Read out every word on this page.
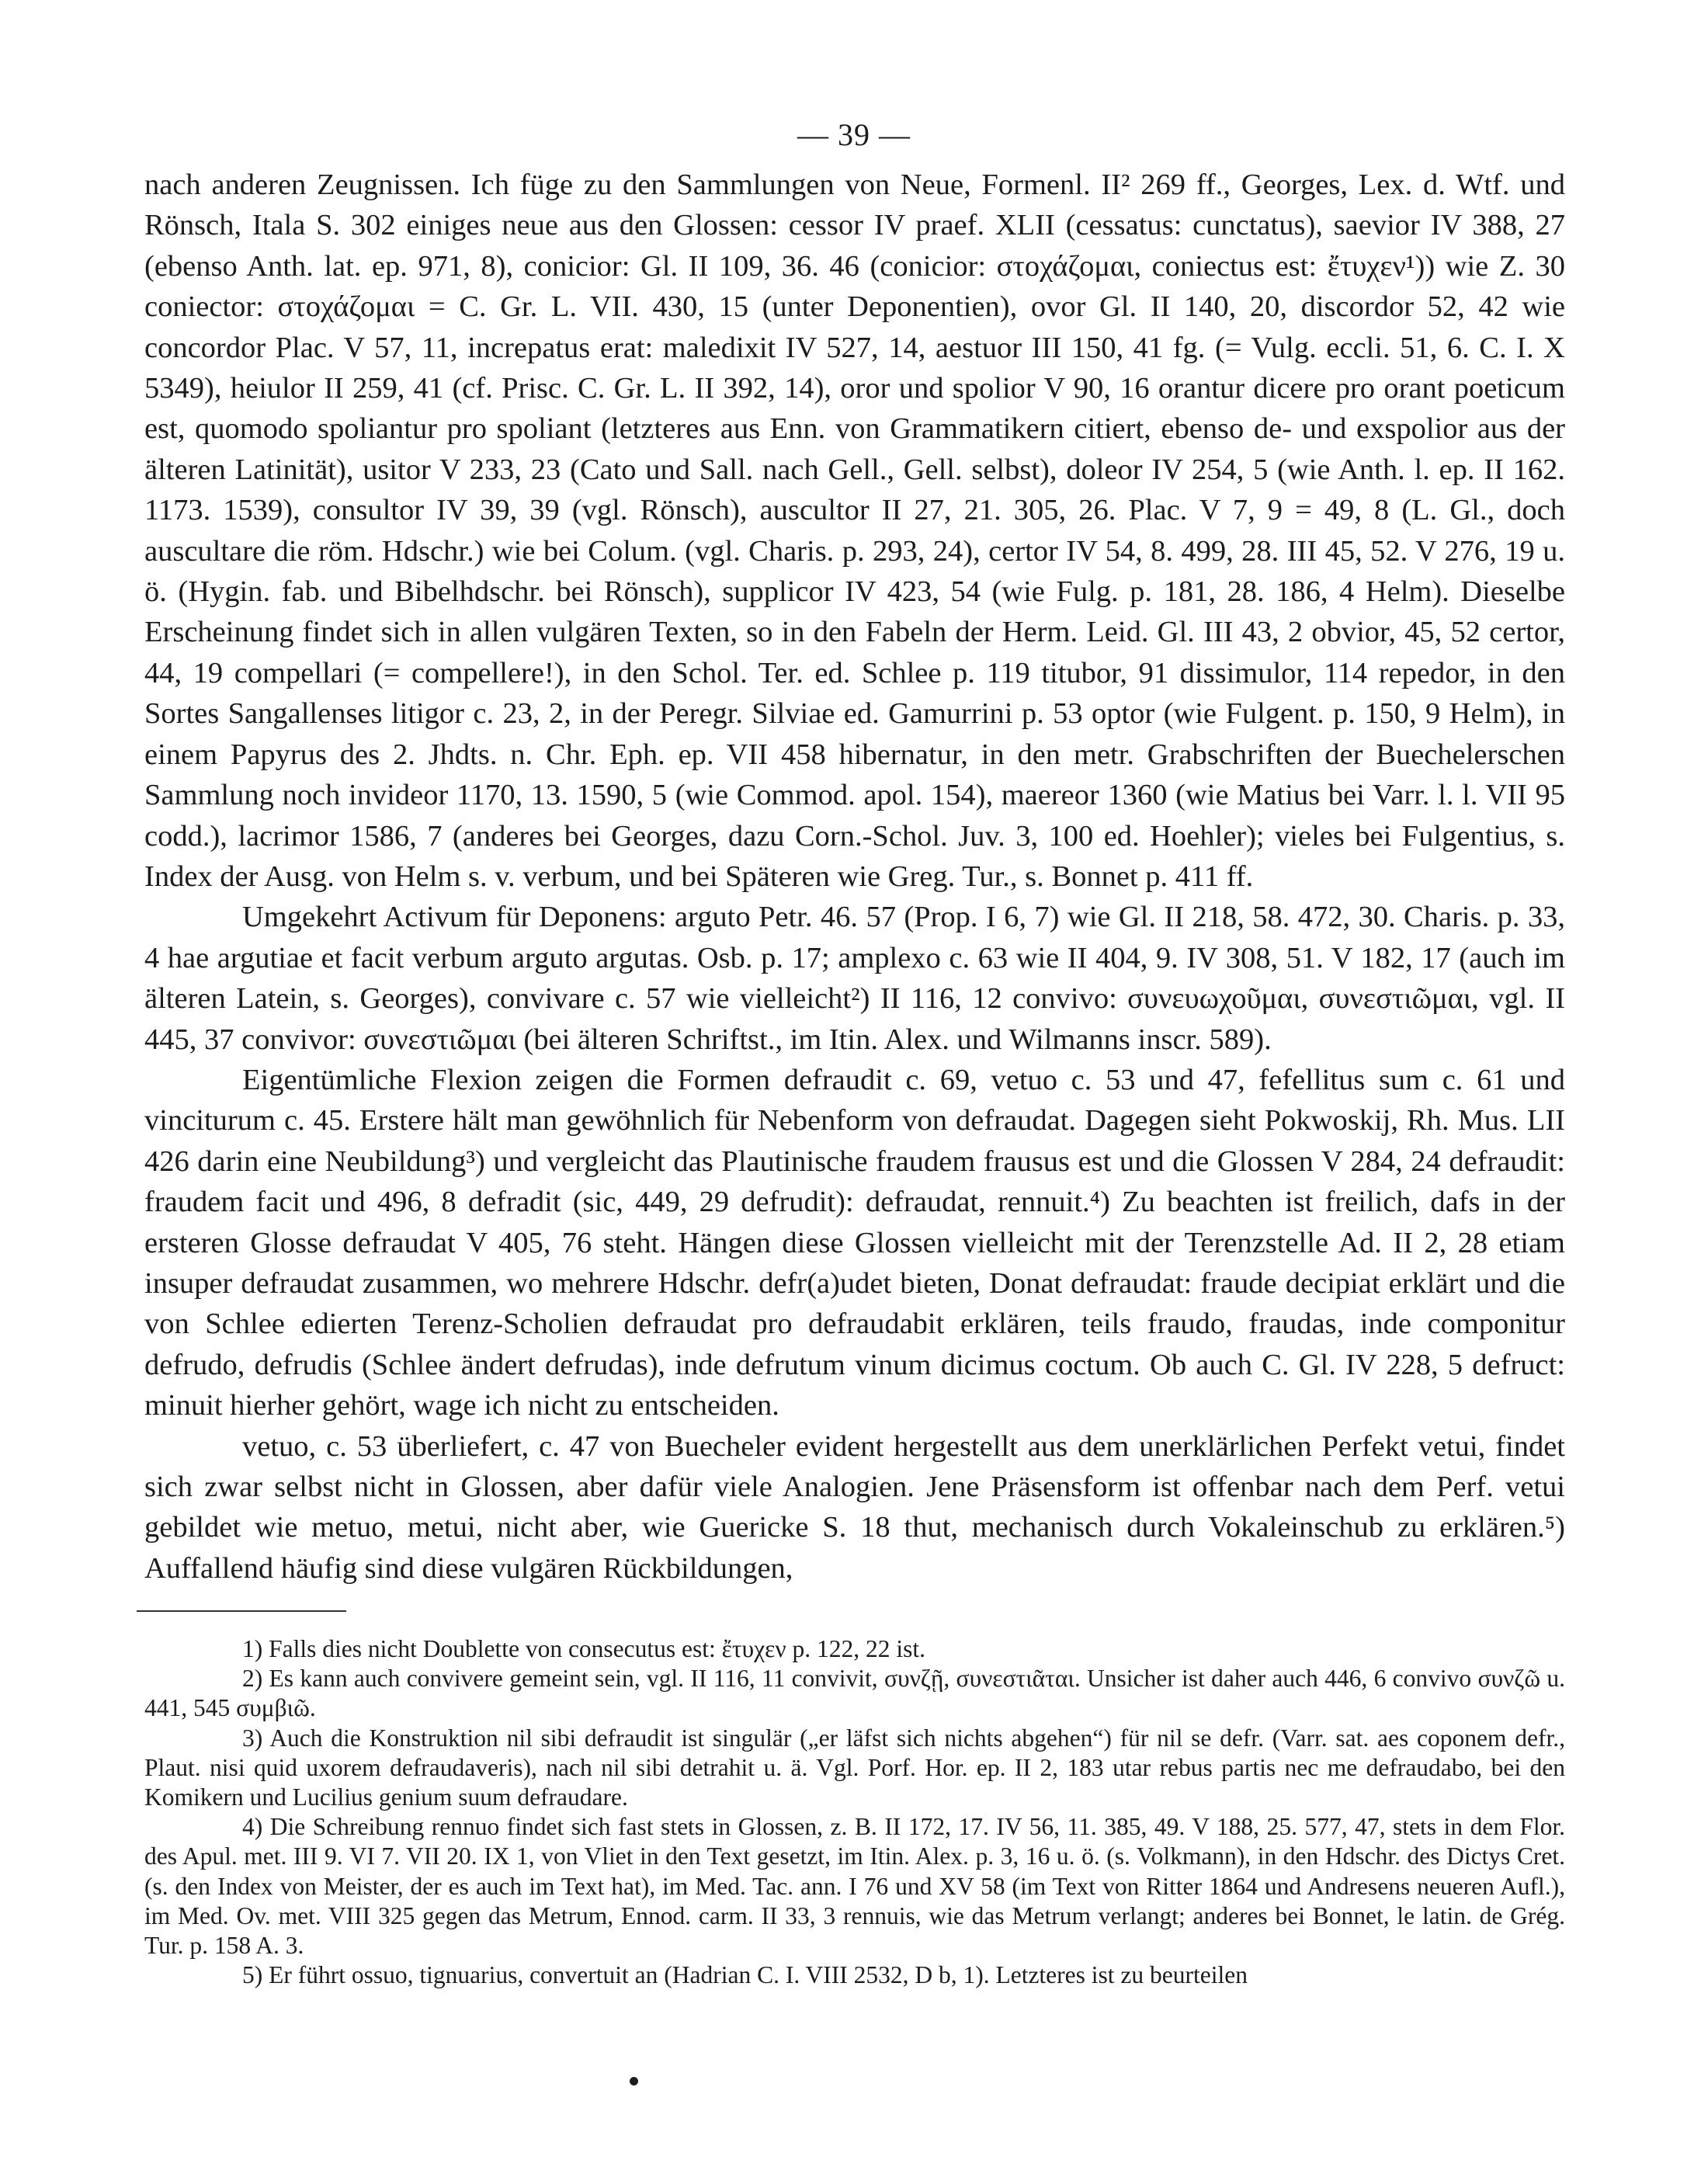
— 39 —

nach anderen Zeugnissen. Ich füge zu den Sammlungen von Neue, Formenl. II² 269 ff., Georges, Lex. d. Wtf. und Rönsch, Itala S. 302 einiges neue aus den Glossen: cessor IV praef. XLII (cessatus: cunctatus), saevior IV 388, 27 (ebenso Anth. lat. ep. 971, 8), conicior: Gl. II 109, 36. 46 (conicior: στοχάζομαι, coniectus est: ἔτυχεν¹)) wie Z. 30 coniector: στοχάζομαι = C. Gr. L. VII. 430, 15 (unter Deponentien), ovor Gl. II 140, 20, discordor 52, 42 wie concordor Plac. V 57, 11, increpatus erat: maledixit IV 527, 14, aestuor III 150, 41 fg. (= Vulg. eccli. 51, 6. C. I. X 5349), heiulor II 259, 41 (cf. Prisc. C. Gr. L. II 392, 14), oror und spolior V 90, 16 orantur dicere pro orant poeticum est, quomodo spoliantur pro spoliant (letzteres aus Enn. von Grammatikern citiert, ebenso de- und exspolior aus der älteren Latinität), usitor V 233, 23 (Cato und Sall. nach Gell., Gell. selbst), doleor IV 254, 5 (wie Anth. l. ep. II 162. 1173. 1539), consultor IV 39, 39 (vgl. Rönsch), auscultor II 27, 21. 305, 26. Plac. V 7, 9 = 49, 8 (L. Gl., doch auscultare die röm. Hdschr.) wie bei Colum. (vgl. Charis. p. 293, 24), certor IV 54, 8. 499, 28. III 45, 52. V 276, 19 u. ö. (Hygin. fab. und Bibelhdschr. bei Rönsch), supplicor IV 423, 54 (wie Fulg. p. 181, 28. 186, 4 Helm). Dieselbe Erscheinung findet sich in allen vulgären Texten, so in den Fabeln der Herm. Leid. Gl. III 43, 2 obvior, 45, 52 certor, 44, 19 compellari (= compellere!), in den Schol. Ter. ed. Schlee p. 119 titubor, 91 dissimulor, 114 repedor, in den Sortes Sangallenses litigor c. 23, 2, in der Peregr. Silviae ed. Gamurrini p. 53 optor (wie Fulgent. p. 150, 9 Helm), in einem Papyrus des 2. Jhdts. n. Chr. Eph. ep. VII 458 hibernatur, in den metr. Grabschriften der Buechelerschen Sammlung noch invideor 1170, 13. 1590, 5 (wie Commod. apol. 154), maereor 1360 (wie Matius bei Varr. l. l. VII 95 codd.), lacrimor 1586, 7 (anderes bei Georges, dazu Corn.-Schol. Juv. 3, 100 ed. Hoehler); vieles bei Fulgentius, s. Index der Ausg. von Helm s. v. verbum, und bei Späteren wie Greg. Tur., s. Bonnet p. 411 ff.

Umgekehrt Activum für Deponens: arguto Petr. 46. 57 (Prop. I 6, 7) wie Gl. II 218, 58. 472, 30. Charis. p. 33, 4 hae argutiae et facit verbum arguto argutas. Osb. p. 17; amplexo c. 63 wie II 404, 9. IV 308, 51. V 182, 17 (auch im älteren Latein, s. Georges), convivare c. 57 wie vielleicht²) II 116, 12 convivo: συνευωχοῦμαι, συνεστιῶμαι, vgl. II 445, 37 convivor: συνεστιῶμαι (bei älteren Schriftst., im Itin. Alex. und Wilmanns inscr. 589).

Eigentümliche Flexion zeigen die Formen defraudit c. 69, vetuo c. 53 und 47, fefellitus sum c. 61 und vinciturum c. 45. Erstere hält man gewöhnlich für Nebenform von defraudat. Dagegen sieht Pokwoskij, Rh. Mus. LII 426 darin eine Neubildung³) und vergleicht das Plautinische fraudem frausus est und die Glossen V 284, 24 defraudit: fraudem facit und 496, 8 defradit (sic, 449, 29 defrudit): defraudat, rennuit.⁴) Zu beachten ist freilich, dafs in der ersteren Glosse defraudat V 405, 76 steht. Hängen diese Glossen vielleicht mit der Terenzstelle Ad. II 2, 28 etiam insuper defraudat zusammen, wo mehrere Hdschr. defr(a)udet bieten, Donat defraudat: fraude decipiat erklärt und die von Schlee edierten Terenz-Scholien defraudat pro defraudabit erklären, teils fraudo, fraudas, inde componitur defrudo, defrudis (Schlee ändert defrudas), inde defrutum vinum dicimus coctum. Ob auch C. Gl. IV 228, 5 defruct: minuit hierher gehört, wage ich nicht zu entscheiden.

vetuo, c. 53 überliefert, c. 47 von Buecheler evident hergestellt aus dem unerklärlichen Perfekt vetui, findet sich zwar selbst nicht in Glossen, aber dafür viele Analogien. Jene Präsensform ist offenbar nach dem Perf. vetui gebildet wie metuo, metui, nicht aber, wie Guericke S. 18 thut, mechanisch durch Vokaleinschub zu erklären.⁵) Auffallend häufig sind diese vulgären Rückbildungen,

1) Falls dies nicht Doublette von consecutus est: ἔτυχεν p. 122, 22 ist.

2) Es kann auch convivere gemeint sein, vgl. II 116, 11 convivit, συνζῇ, συνεστιᾶται. Unsicher ist daher auch 446, 6 convivo συνζῶ u. 441, 545 συμβιῶ.

3) Auch die Konstruktion nil sibi defraudit ist singulär („er läfst sich nichts abgehen“) für nil se defr. (Varr. sat. aes coponem defr., Plaut. nisi quid uxorem defraudaveris), nach nil sibi detrahit u. ä. Vgl. Porf. Hor. ep. II 2, 183 utar rebus partis nec me defraudabo, bei den Komikern und Lucilius genium suum defraudare.

4) Die Schreibung rennuo findet sich fast stets in Glossen, z. B. II 172, 17. IV 56, 11. 385, 49. V 188, 25. 577, 47, stets in dem Flor. des Apul. met. III 9. VI 7. VII 20. IX 1, von Vliet in den Text gesetzt, im Itin. Alex. p. 3, 16 u. ö. (s. Volkmann), in den Hdschr. des Dictys Cret. (s. den Index von Meister, der es auch im Text hat), im Med. Tac. ann. I 76 und XV 58 (im Text von Ritter 1864 und Andresens neueren Aufl.), im Med. Ov. met. VIII 325 gegen das Metrum, Ennod. carm. II 33, 3 rennuis, wie das Metrum verlangt; anderes bei Bonnet, le latin. de Grég. Tur. p. 158 A. 3.

5) Er führt ossuo, tignuarius, convertuit an (Hadrian C. I. VIII 2532, D b, 1). Letzteres ist zu beurteilen
